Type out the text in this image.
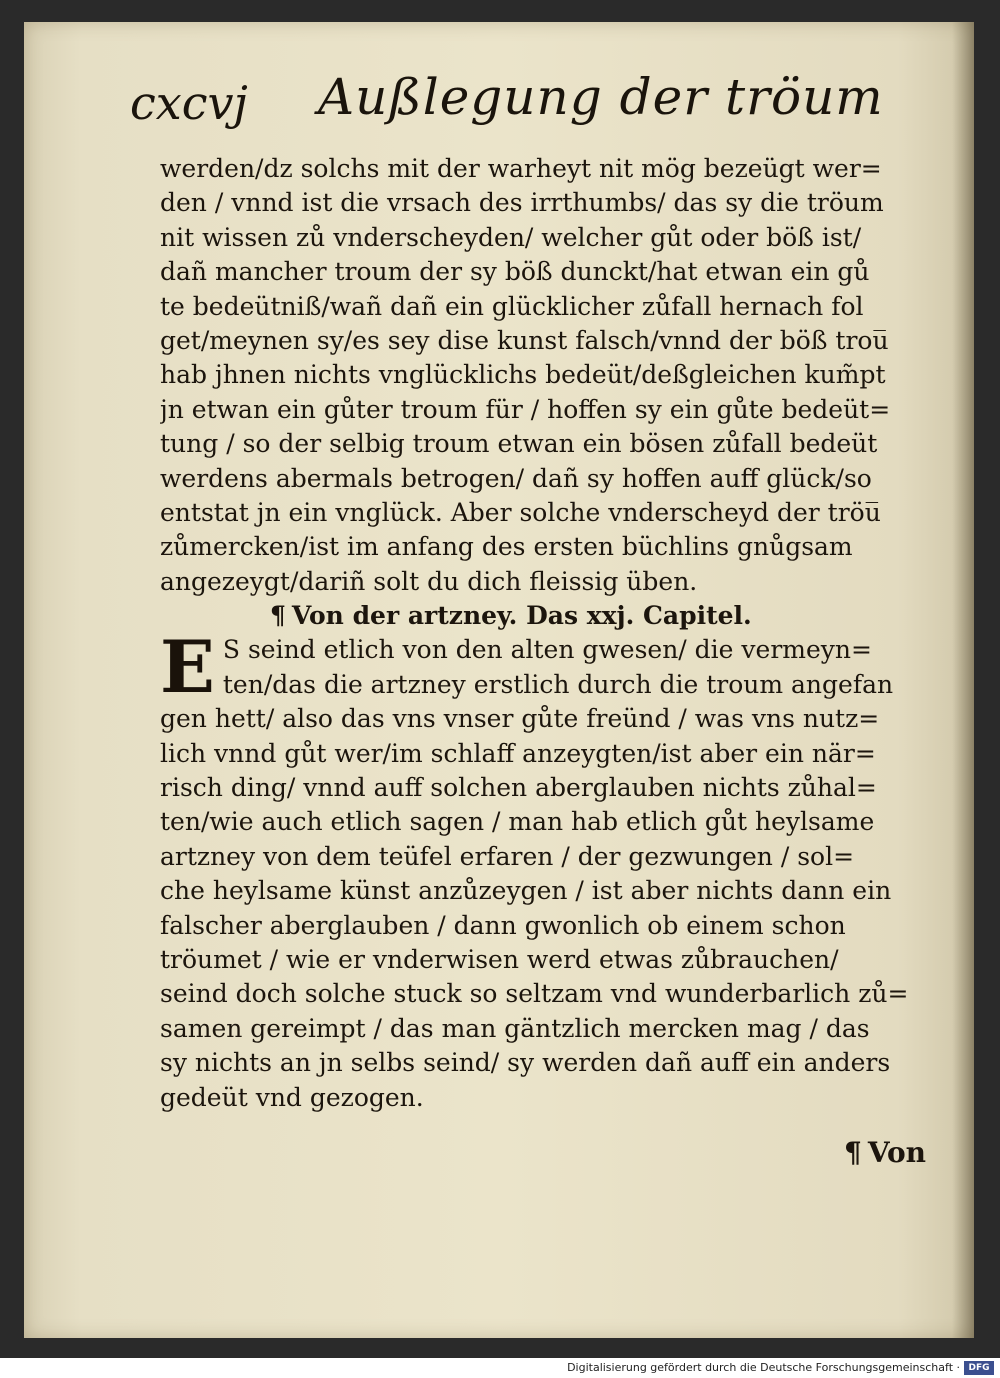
cxcvj Außlegung der tröum
werden/dz solchs mit der warheyt nit mög bezeügt wer=
den / vnnd ist die vrsach des irrthumbs/ das sy die tröum
nit wissen zů vnderscheyden/ welcher gůt oder böß ist/
dañ mancher troum der sy böß dunckt/hat etwan ein gů
te bedeütniß/wañ dañ ein glücklicher zůfall hernach fol
get/meynen sy/es sey dise kunst falsch/vnnd der böß trou̅
hab jhnen nichts vnglücklichs bedeüt/deßgleichen kum̃pt
jn etwan ein gůter troum für / hoffen sy ein gůte bedeüt=
tung / so der selbig troum etwan ein bösen zůfall bedeüt
werdens abermals betrogen/ dañ sy hoffen auff glück/so
entstat jn ein vnglück. Aber solche vnderscheyd der tröu̅
zůmercken/ist im anfang des ersten büchlins gnůgsam
angezeygt/dariñ solt du dich fleissig üben.
¶ Von der artzney. Das xxj. Capitel.
E S seind etlich von den alten gwesen/ die vermeyn=
ten/das die artzney erstlich durch die troum angefan
gen hett/ also das vns vnser gůte freünd / was vns nutz=
lich vnnd gůt wer/im schlaff anzeygten/ist aber ein när=
risch ding/ vnnd auff solchen aberglauben nichts zůhal=
ten/wie auch etlich sagen / man hab etlich gůt heylsame
artzney von dem teüfel erfaren / der gezwungen / sol=
che heylsame künst anzůzeygen / ist aber nichts dann ein
falscher aberglauben / dann gwonlich ob einem schon
tröumet / wie er vnderwisen werd etwas zůbrauchen/
seind doch solche stuck so seltzam vnd wunderbarlich zů=
samen gereimpt / das man gäntzlich mercken mag / das
sy nichts an jn selbs seind/ sy werden dañ auff ein anders
gedeüt vnd gezogen.
¶ Von
Digitalisierung gefördert durch die Deutsche Forschungsgemeinschaft · DFG
